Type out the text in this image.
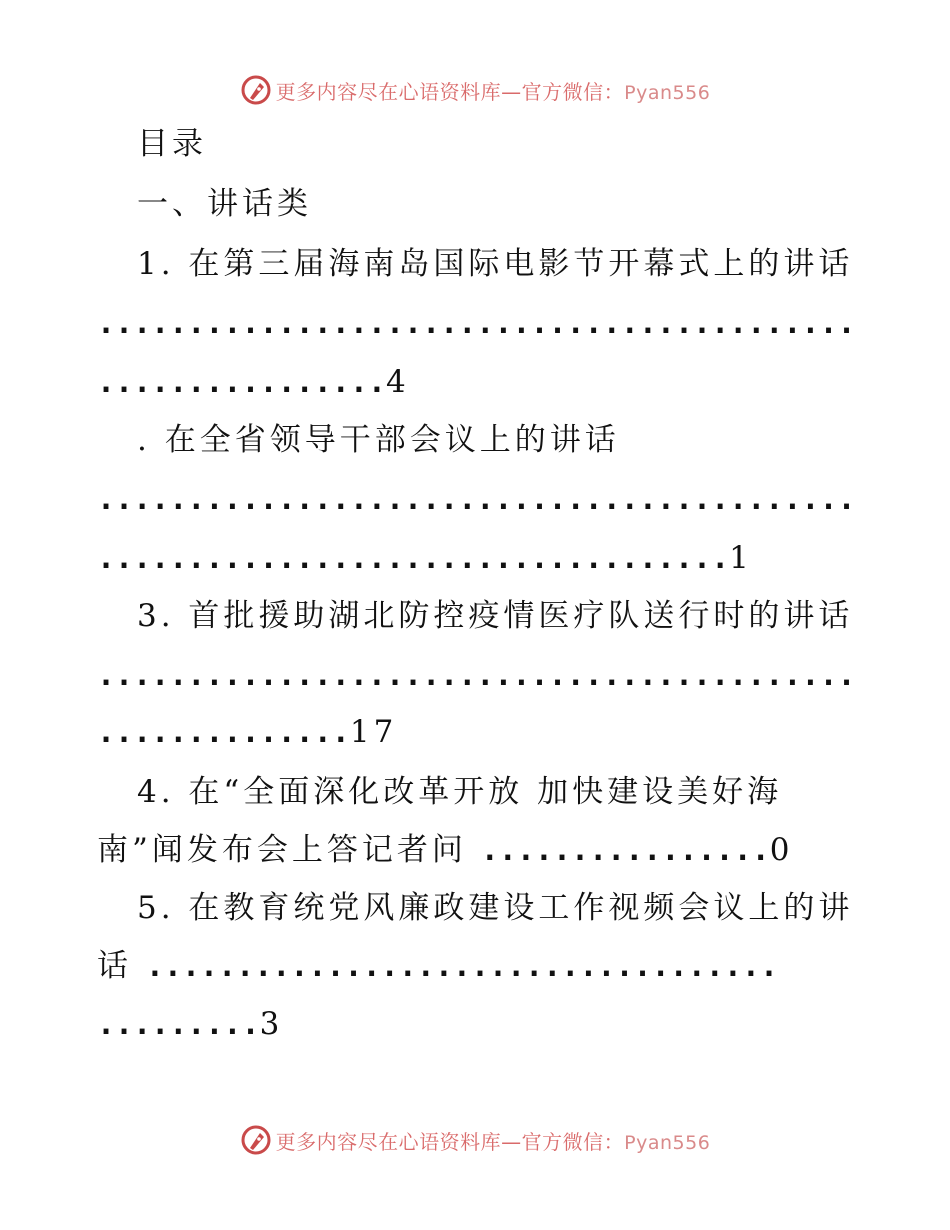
更多内容尽在心语资料库—官方微信：Pyan556
目录
一、讲话类
1. 在第三届海南岛国际电影节开幕式上的讲话
..........................................
................4
. 在全省领导干部会议上的讲话
..........................................
...................................1
3. 首批援助湖北防控疫情医疗队送行时的讲话
..........................................
..............17
4. 在“全面深化改革开放 加快建设美好海
南”闻发布会上答记者问 ................0
5. 在教育统党风廉政建设工作视频会议上的讲
话 ...................................
.........3
更多内容尽在心语资料库—官方微信：Pyan556
